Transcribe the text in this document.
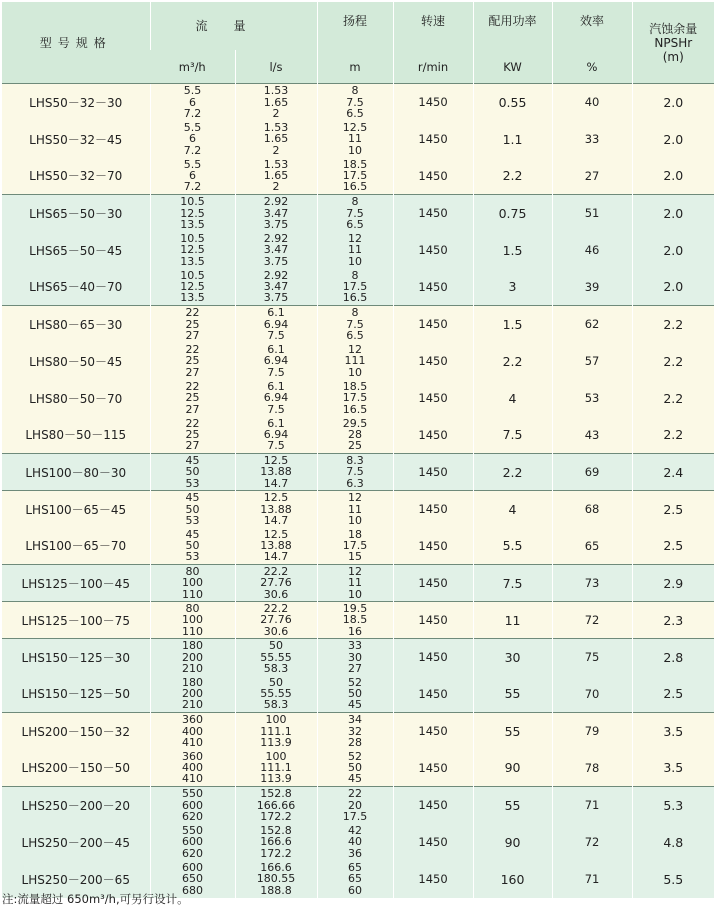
型号规格	流量		扬程	转速	配用功率	效率	汽蚀余量
NPSHr
(m)

	m³/h	l/s	m	r/min	KW	%	
LHS50－32－30	5.5
6
7.2	1.53
1.65
2	8
7.5
6.5	1450	0.55	40	2.0
LHS50－32－45	5.5
6
7.2	1.53
1.65
2	12.5
11
10	1450	1.1	33	2.0
LHS50－32－70	5.5
6
7.2	1.53
1.65
2	18.5
17.5
16.5	1450	2.2	27	2.0
LHS65－50－30	10.5
12.5
13.5	2.92
3.47
3.75	8
7.5
6.5	1450	0.75	51	2.0
LHS65－50－45	10.5
12.5
13.5	2.92
3.47
3.75	12
11
10	1450	1.5	46	2.0
LHS65－40－70	10.5
12.5
13.5	2.92
3.47
3.75	8
17.5
16.5	1450	3	39	2.0
LHS80－65－30	22
25
27	6.1
6.94
7.5	8
7.5
6.5	1450	1.5	62	2.2
LHS80－50－45	22
25
27	6.1
6.94
7.5	12
111
10	1450	2.2	57	2.2
LHS80－50－70	22
25
27	6.1
6.94
7.5	18.5
17.5
16.5	1450	4	53	2.2
LHS80－50－115	22
25
27	6.1
6.94
7.5	29.5
28
25	1450	7.5	43	2.2
LHS100－80－30	45
50
53	12.5
13.88
14.7	8.3
7.5
6.3	1450	2.2	69	2.4
LHS100－65－45	45
50
53	12.5
13.88
14.7	12
11
10	1450	4	68	2.5
LHS100－65－70	45
50
53	12.5
13.88
14.7	18
17.5
15	1450	5.5	65	2.5
LHS125－100－45	80
100
110	22.2
27.76
30.6	12
11
10	1450	7.5	73	2.9
LHS125－100－75	80
100
110	22.2
27.76
30.6	19.5
18.5
16	1450	11	72	2.3
LHS150－125－30	180
200
210	50
55.55
58.3	33
30
27	1450	30	75	2.8
LHS150－125－50	180
200
210	50
55.55
58.3	52
50
45	1450	55	70	2.5
LHS200－150－32	360
400
410	100
111.1
113.9	34
32
28	1450	55	79	3.5
LHS200－150－50	360
400
410	100
111.1
113.9	52
50
45	1450	90	78	3.5
LHS250－200－20	550
600
620	152.8
166.66
172.2	22
20
17.5	1450	55	71	5.3
LHS250－200－45	550
600
620	152.8
166.6
172.2	42
40
36	1450	90	72	4.8
LHS250－200－65	600
650
680	166.6
180.55
188.8	65
65
60	1450	160	71	5.5
注:流量超过 650m³/h,可另行设计。
